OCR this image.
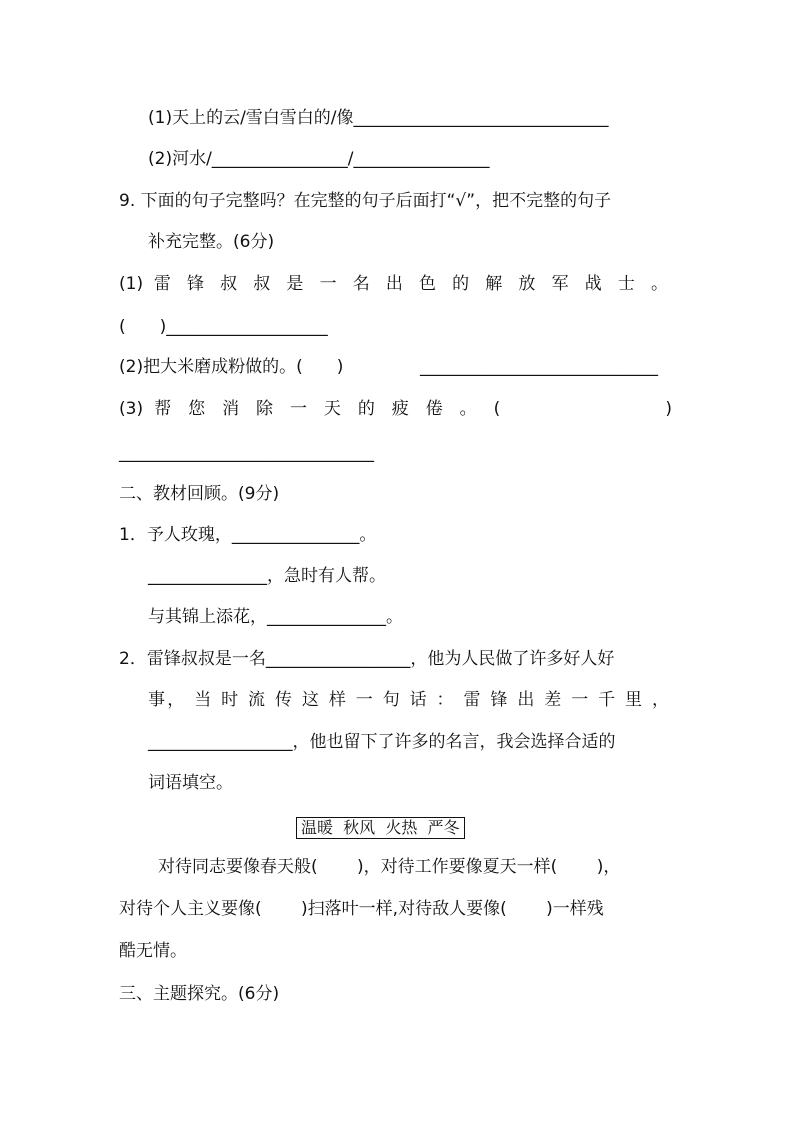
(1)天上的云/雪白雪白的/像______________________________
(2)河水/________________/________________
9. 下面的句子完整吗？在完整的句子后面打“√”，把不完整的句子
补充完整。(6分)
(1) 雷 锋 叔 叔 是 一 名 出 色 的 解 放 军 战 士 。
(　　)___________________
(2)把大米磨成粉做的。(　　)	____________________________
(3) 帮 您 消 除 一 天 的 疲 倦 。 (　　　　　　　)
______________________________
二、教材回顾。(9分)
1．予人玫瑰，_______________。
______________，急时有人帮。
与其锦上添花，______________。
2．雷锋叔叔是一名_________________，他为人民做了许多好人好
事， 当 时 流 传 这 样 一 句 话 ： 雷 锋 出 差 一 千 里 ，
_________________，他也留下了许多的名言，我会选择合适的
词语填空。
温暖  秋风  火热  严冬
对待同志要像春天般(　　 )，对待工作要像夏天一样(　　 )，
对待个人主义要像(　　 )扫落叶一样,对待敌人要像(　　 )一样残
酷无情。
三、主题探究。(6分)
